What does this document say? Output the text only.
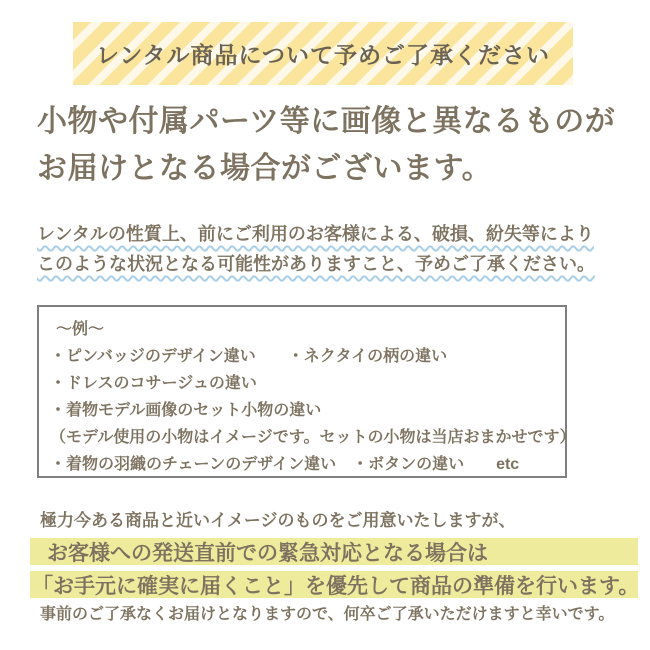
レンタル商品について予めご了承ください
小物や付属パーツ等に画像と異なるものが
お届けとなる場合がございます。
レンタルの性質上、前にご利用のお客様による、破損、紛失等により
このような状況となる可能性がありますこと、予めご了承ください。
～例～
・ピンバッジのデザイン違い　　・ネクタイの柄の違い
・ドレスのコサージュの違い
・着物モデル画像のセット小物の違い
（モデル使用の小物はイメージです。セットの小物は当店おまかせです）
・着物の羽織のチェーンのデザイン違い　・ボタンの違い　　etc
極力今ある商品と近いイメージのものをご用意いたしますが、
お客様への発送直前での緊急対応となる場合は
「お手元に確実に届くこと」を優先して商品の準備を行います。
事前のご了承なくお届けとなりますので、何卒ご了承いただけますと幸いです。
